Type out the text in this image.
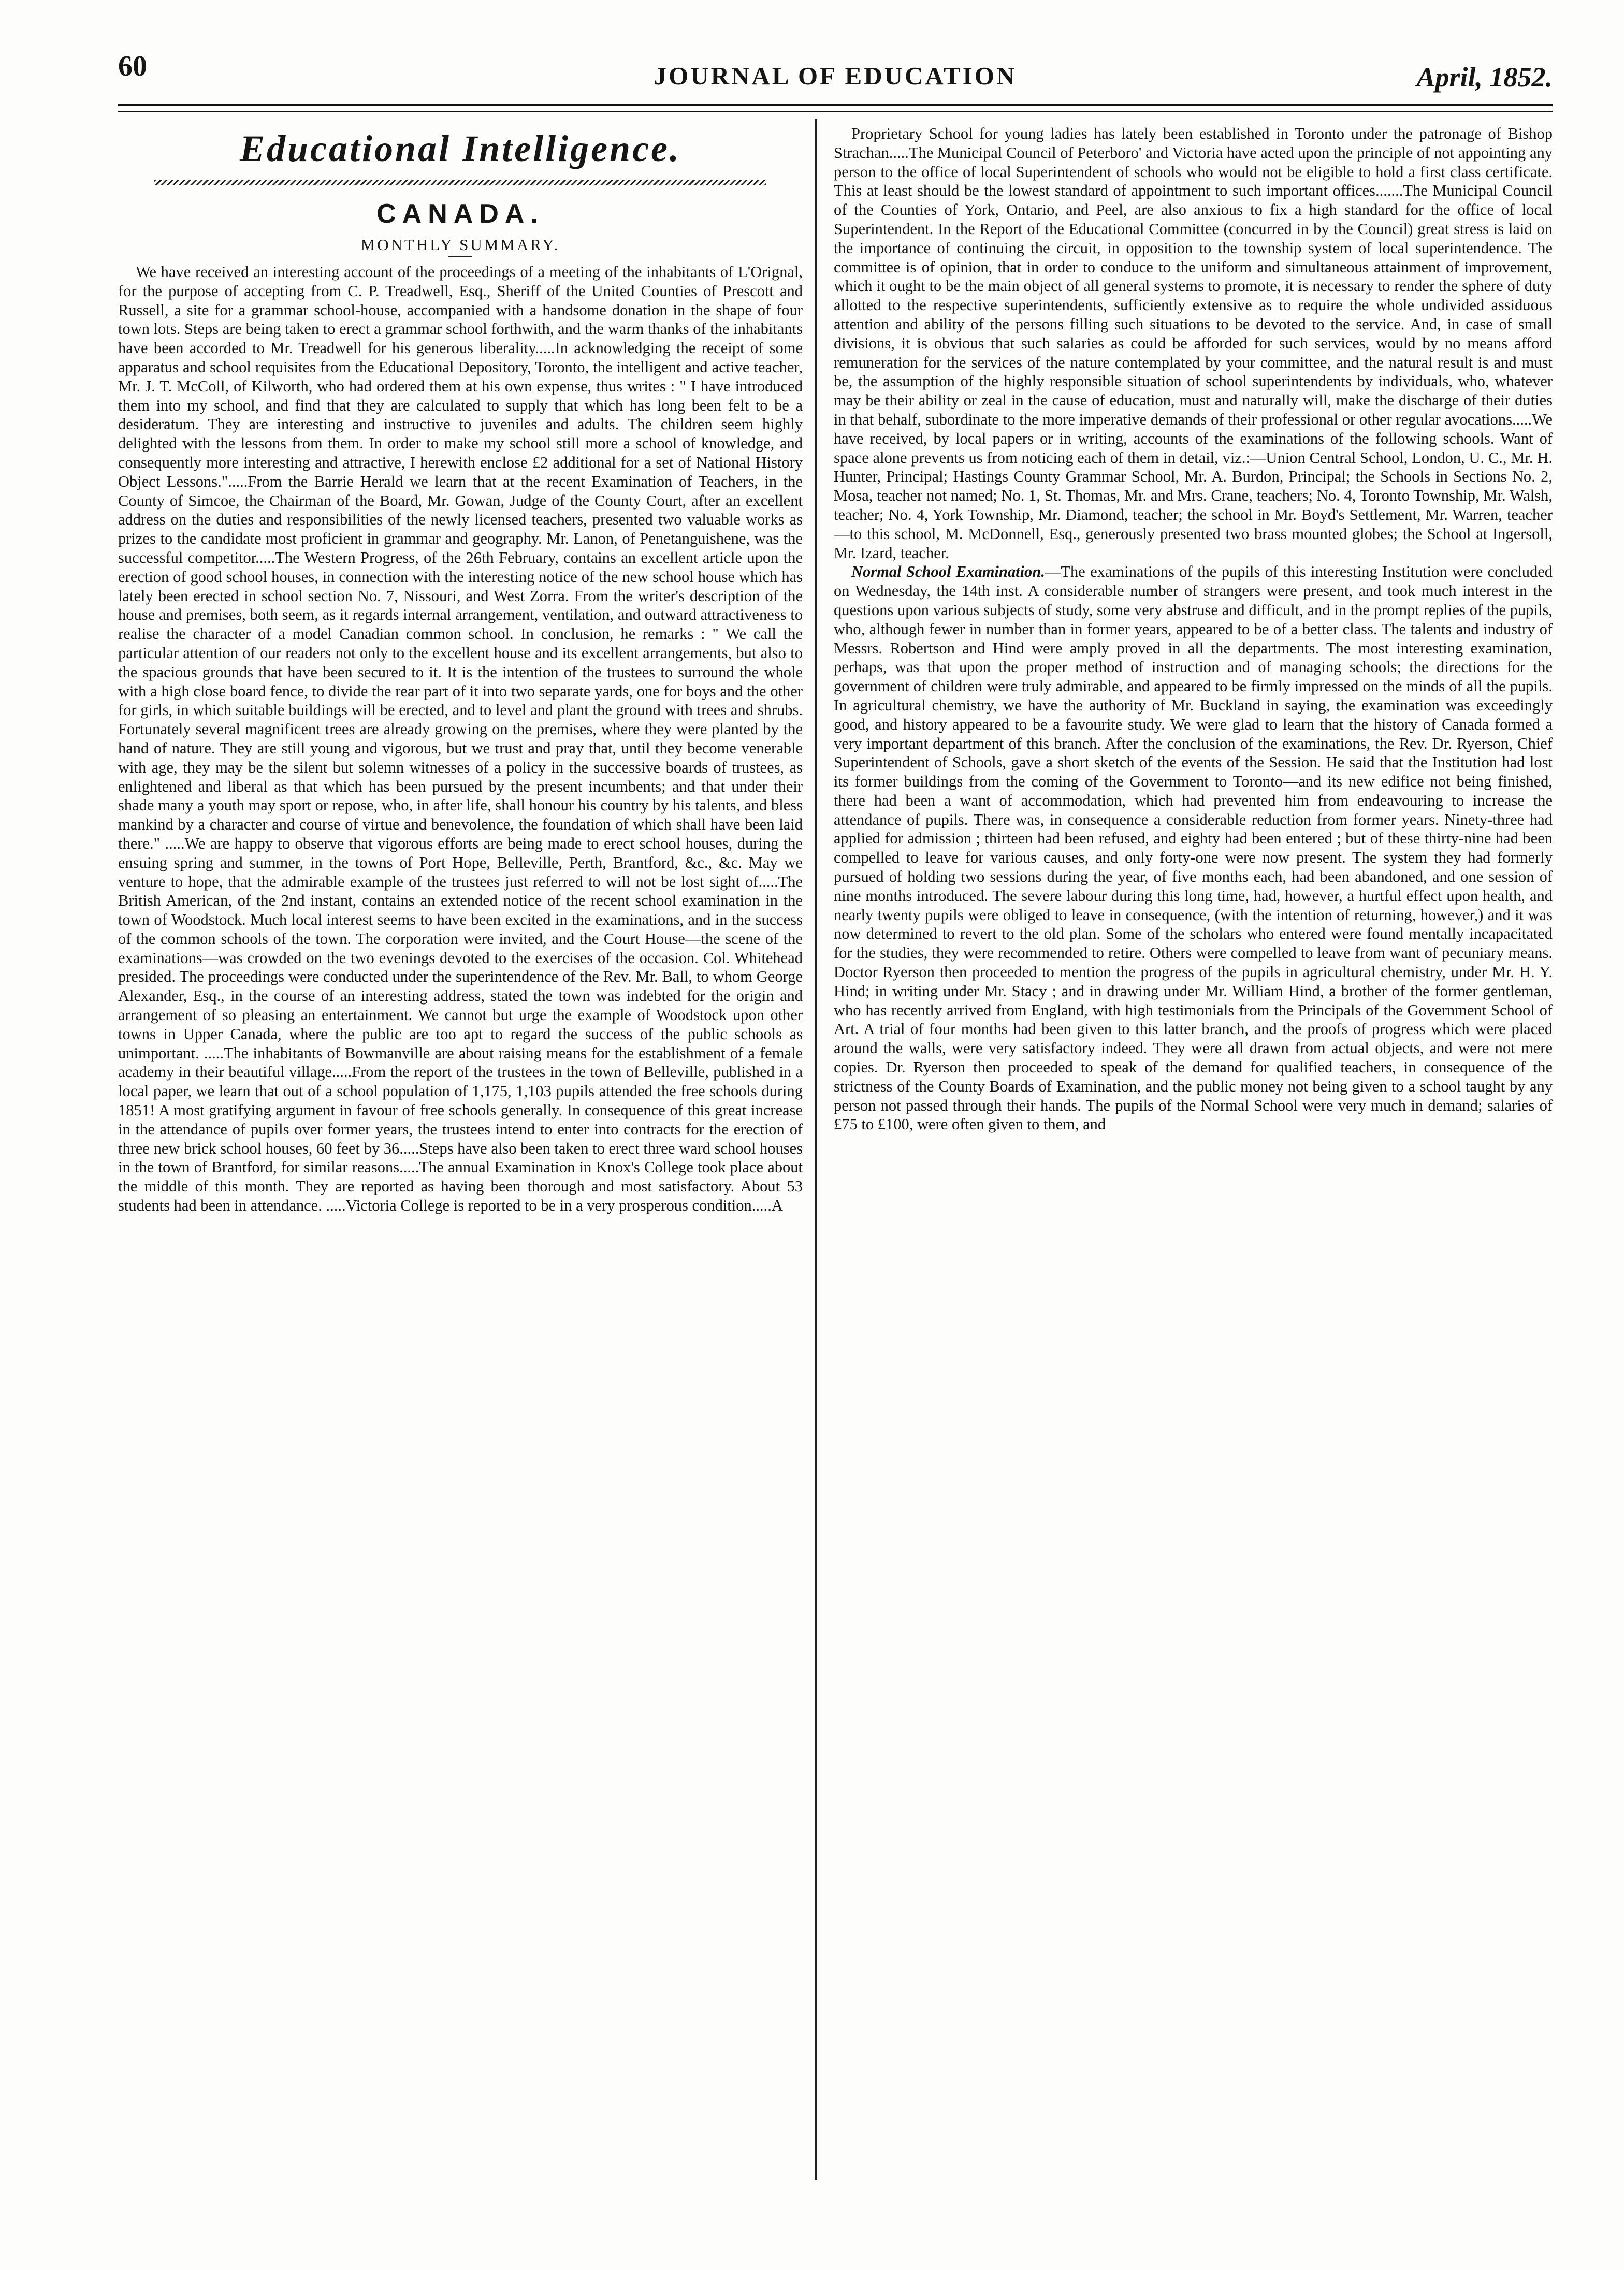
60	JOURNAL OF EDUCATION	April, 1852.
Educational Intelligence.
CANADA.
MONTHLY SUMMARY.

We have received an interesting account of the proceedings of a meeting of the inhabitants of L'Orignal, for the purpose of accepting from C. P. Treadwell, Esq., Sheriff of the United Counties of Prescott and Russell, a site for a grammar school-house, accompanied with a handsome donation in the shape of four town lots. Steps are being taken to erect a grammar school forthwith, and the warm thanks of the inhabitants have been accorded to Mr. Treadwell for his generous liberality.....In acknowledging the receipt of some apparatus and school requisites from the Educational Depository, Toronto, the intelligent and active teacher, Mr. J. T. McColl, of Kilworth, who had ordered them at his own expense, thus writes : " I have introduced them into my school, and find that they are calculated to supply that which has long been felt to be a desideratum. They are interesting and instructive to juveniles and adults. The children seem highly delighted with the lessons from them. In order to make my school still more a school of knowledge, and consequently more interesting and attractive, I herewith enclose £2 additional for a set of National History Object Lessons.".....From the Barrie Herald we learn that at the recent Examination of Teachers, in the County of Simcoe, the Chairman of the Board, Mr. Gowan, Judge of the County Court, after an excellent address on the duties and responsibilities of the newly licensed teachers, presented two valuable works as prizes to the candidate most proficient in grammar and geography. Mr. Lanon, of Penetanguishene, was the successful competitor.....The Western Progress, of the 26th February, contains an excellent article upon the erection of good school houses, in connection with the interesting notice of the new school house which has lately been erected in school section No. 7, Nissouri, and West Zorra. From the writer's description of the house and premises, both seem, as it regards internal arrangement, ventilation, and outward attractiveness to realise the character of a model Canadian common school. In conclusion, he remarks : " We call the particular attention of our readers not only to the excellent house and its excellent arrangements, but also to the spacious grounds that have been secured to it. It is the intention of the trustees to surround the whole with a high close board fence, to divide the rear part of it into two separate yards, one for boys and the other for girls, in which suitable buildings will be erected, and to level and plant the ground with trees and shrubs. Fortunately several magnificent trees are already growing on the premises, where they were planted by the hand of nature. They are still young and vigorous, but we trust and pray that, until they become venerable with age, they may be the silent but solemn witnesses of a policy in the successive boards of trustees, as enlightened and liberal as that which has been pursued by the present incumbents; and that under their shade many a youth may sport or repose, who, in after life, shall honour his country by his talents, and bless mankind by a character and course of virtue and benevolence, the foundation of which shall have been laid there." .....We are happy to observe that vigorous efforts are being made to erect school houses, during the ensuing spring and summer, in the towns of Port Hope, Belleville, Perth, Brantford, &c., &c. May we venture to hope, that the admirable example of the trustees just referred to will not be lost sight of.....The British American, of the 2nd instant, contains an extended notice of the recent school examination in the town of Woodstock. Much local interest seems to have been excited in the examinations, and in the success of the common schools of the town. The corporation were invited, and the Court House—the scene of the examinations—was crowded on the two evenings devoted to the exercises of the occasion. Col. Whitehead presided. The proceedings were conducted under the superintendence of the Rev. Mr. Ball, to whom George Alexander, Esq., in the course of an interesting address, stated the town was indebted for the origin and arrangement of so pleasing an entertainment. We cannot but urge the example of Woodstock upon other towns in Upper Canada, where the public are too apt to regard the success of the public schools as unimportant. .....The inhabitants of Bowmanville are about raising means for the establishment of a female academy in their beautiful village.....From the report of the trustees in the town of Belleville, published in a local paper, we learn that out of a school population of 1,175, 1,103 pupils attended the free schools during 1851! A most gratifying argument in favour of free schools generally. In consequence of this great increase in the attendance of pupils over former years, the trustees intend to enter into contracts for the erection of three new brick school houses, 60 feet by 36.....Steps have also been taken to erect three ward school houses in the town of Brantford, for similar reasons.....The annual Examination in Knox's College took place about the middle of this month. They are reported as having been thorough and most satisfactory. About 53 students had been in attendance. .....Victoria College is reported to be in a very prosperous condition.....A

Proprietary School for young ladies has lately been established in Toronto under the patronage of Bishop Strachan.....The Municipal Council of Peterboro' and Victoria have acted upon the principle of not appointing any person to the office of local Superintendent of schools who would not be eligible to hold a first class certificate. This at least should be the lowest standard of appointment to such important offices.......The Municipal Council of the Counties of York, Ontario, and Peel, are also anxious to fix a high standard for the office of local Superintendent. In the Report of the Educational Committee (concurred in by the Council) great stress is laid on the importance of continuing the circuit, in opposition to the township system of local superintendence. The committee is of opinion, that in order to conduce to the uniform and simultaneous attainment of improvement, which it ought to be the main object of all general systems to promote, it is necessary to render the sphere of duty allotted to the respective superintendents, sufficiently extensive as to require the whole undivided assiduous attention and ability of the persons filling such situations to be devoted to the service. And, in case of small divisions, it is obvious that such salaries as could be afforded for such services, would by no means afford remuneration for the services of the nature contemplated by your committee, and the natural result is and must be, the assumption of the highly responsible situation of school superintendents by individuals, who, whatever may be their ability or zeal in the cause of education, must and naturally will, make the discharge of their duties in that behalf, subordinate to the more imperative demands of their professional or other regular avocations.....We have received, by local papers or in writing, accounts of the examinations of the following schools. Want of space alone prevents us from noticing each of them in detail, viz.:—Union Central School, London, U. C., Mr. H. Hunter, Principal; Hastings County Grammar School, Mr. A. Burdon, Principal; the Schools in Sections No. 2, Mosa, teacher not named; No. 1, St. Thomas, Mr. and Mrs. Crane, teachers; No. 4, Toronto Township, Mr. Walsh, teacher; No. 4, York Township, Mr. Diamond, teacher; the school in Mr. Boyd's Settlement, Mr. Warren, teacher—to this school, M. McDonnell, Esq., generously presented two brass mounted globes; the School at Ingersoll, Mr. Izard, teacher.

Normal School Examination.—The examinations of the pupils of this interesting Institution were concluded on Wednesday, the 14th inst. A considerable number of strangers were present, and took much interest in the questions upon various subjects of study, some very abstruse and difficult, and in the prompt replies of the pupils, who, although fewer in number than in former years, appeared to be of a better class. The talents and industry of Messrs. Robertson and Hind were amply proved in all the departments. The most interesting examination, perhaps, was that upon the proper method of instruction and of managing schools; the directions for the government of children were truly admirable, and appeared to be firmly impressed on the minds of all the pupils. In agricultural chemistry, we have the authority of Mr. Buckland in saying, the examination was exceedingly good, and history appeared to be a favourite study. We were glad to learn that the history of Canada formed a very important department of this branch. After the conclusion of the examinations, the Rev. Dr. Ryerson, Chief Superintendent of Schools, gave a short sketch of the events of the Session. He said that the Institution had lost its former buildings from the coming of the Government to Toronto—and its new edifice not being finished, there had been a want of accommodation, which had prevented him from endeavouring to increase the attendance of pupils. There was, in consequence a considerable reduction from former years. Ninety-three had applied for admission ; thirteen had been refused, and eighty had been entered ; but of these thirty-nine had been compelled to leave for various causes, and only forty-one were now present. The system they had formerly pursued of holding two sessions during the year, of five months each, had been abandoned, and one session of nine months introduced. The severe labour during this long time, had, however, a hurtful effect upon health, and nearly twenty pupils were obliged to leave in consequence, (with the intention of returning, however,) and it was now determined to revert to the old plan. Some of the scholars who entered were found mentally incapacitated for the studies, they were recommended to retire. Others were compelled to leave from want of pecuniary means. Doctor Ryerson then proceeded to mention the progress of the pupils in agricultural chemistry, under Mr. H. Y. Hind; in writing under Mr. Stacy ; and in drawing under Mr. William Hind, a brother of the former gentleman, who has recently arrived from England, with high testimonials from the Principals of the Government School of Art. A trial of four months had been given to this latter branch, and the proofs of progress which were placed around the walls, were very satisfactory indeed. They were all drawn from actual objects, and were not mere copies. Dr. Ryerson then proceeded to speak of the demand for qualified teachers, in consequence of the strictness of the County Boards of Examination, and the public money not being given to a school taught by any person not passed through their hands. The pupils of the Normal School were very much in demand; salaries of £75 to £100, were often given to them, and
